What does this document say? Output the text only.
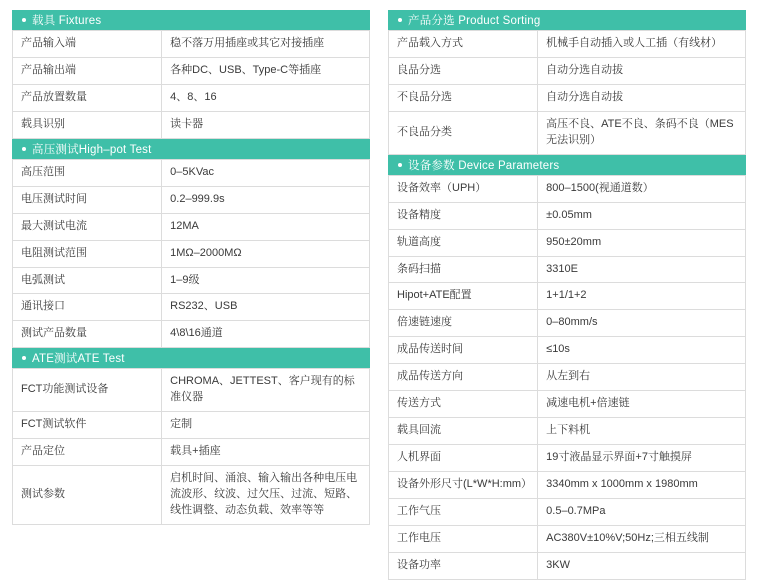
载具 Fixtures
产品输入端	稳不落万用插座或其它对接插座
产品输出端	各种DC、USB、Type-C等插座
产品放置数量	4、8、16
载具识别	读卡器
高压测试High–pot Test
高压范围	0–5KVac
电压测试时间	0.2–999.9s
最大测试电流	12MA
电阻测试范围	1MΩ–2000MΩ
电弧测试	1–9级
通讯接口	RS232、USB
测试产品数量	4\8\16通道
ATE测试ATE Test
FCT功能测试设备	CHROMA、JETTEST、客户现有的标准仪器
FCT测试软件	定制
产品定位	载具+插座
测试参数	启机时间、涌浪、输入输出各种电压电流波形、纹波、过欠压、过流、短路、线性调整、动态负载、效率等等
产品分选 Product Sorting
产品载入方式	机械手自动插入或人工插（有线材）
良品分选	自动分选自动拔
不良品分选	自动分选自动拔
不良品分类	高压不良、ATE不良、条码不良（MES无法识别）
设备参数 Device Parameters
设备效率（UPH）	800–1500(视通道数）
设备精度	±0.05mm
轨道高度	950±20mm
条码扫描	3310E
Hipot+ATE配置	1+1/1+2
倍速链速度	0–80mm/s
成品传送时间	≤10s
成品传送方向	从左到右
传送方式	减速电机+倍速链
载具回流	上下料机
人机界面	19寸液晶显示界面+7寸触摸屏
设备外形尺寸(L*W*H:mm）	3340mm x 1000mm x 1980mm
工作气压	0.5–0.7MPa
工作电压	AC380V±10%V;50Hz;三相五线制
设备功率	3KW
